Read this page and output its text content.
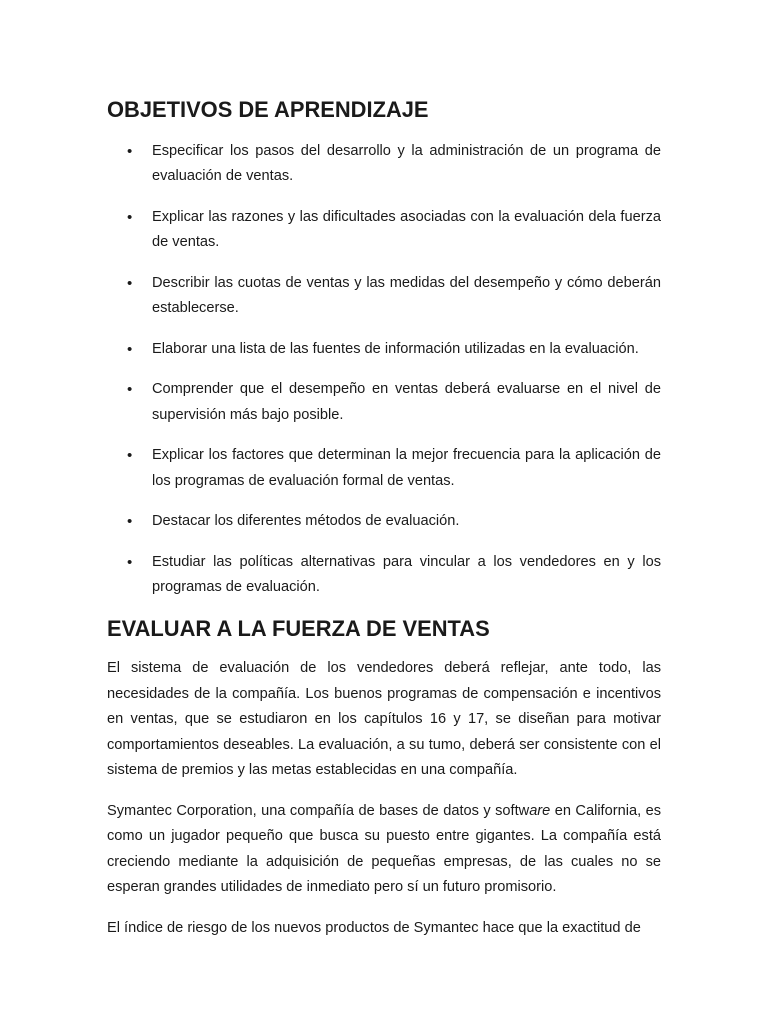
OBJETIVOS DE APRENDIZAJE
• Especificar los pasos del desarrollo y la administración de un programa de evaluación de ventas.
• Explicar las razones y las dificultades asociadas con la evaluación dela fuerza de ventas.
• Describir las cuotas de ventas y las medidas del desempeño y cómo deberán establecerse.
• Elaborar una lista de las fuentes de información utilizadas en la evaluación.
• Comprender que el desempeño en ventas deberá evaluarse en el nivel de supervisión más bajo posible.
• Explicar los factores que determinan la mejor frecuencia para la aplicación de los programas de evaluación formal de ventas.
• Destacar los diferentes métodos de evaluación.
• Estudiar las políticas alternativas para vincular a los vendedores en y los programas de evaluación.
EVALUAR A LA FUERZA DE VENTAS

El sistema de evaluación de los vendedores deberá reflejar, ante todo, las necesidades de la compañía. Los buenos programas de compensación e incentivos en ventas, que se estudiaron en los capítulos 16 y 17, se diseñan para motivar comportamientos deseables. La evaluación, a su tumo, deberá ser consistente con el sistema de premios y las metas establecidas en una compañía.

Symantec Corporation, una compañía de bases de datos y software en California, es como un jugador pequeño que busca su puesto entre gigantes. La compañía está creciendo mediante la adquisición de pequeñas empresas, de las cuales no se esperan grandes utilidades de inmediato pero sí un futuro promisorio.

El índice de riesgo de los nuevos productos de Symantec hace que la exactitud de
